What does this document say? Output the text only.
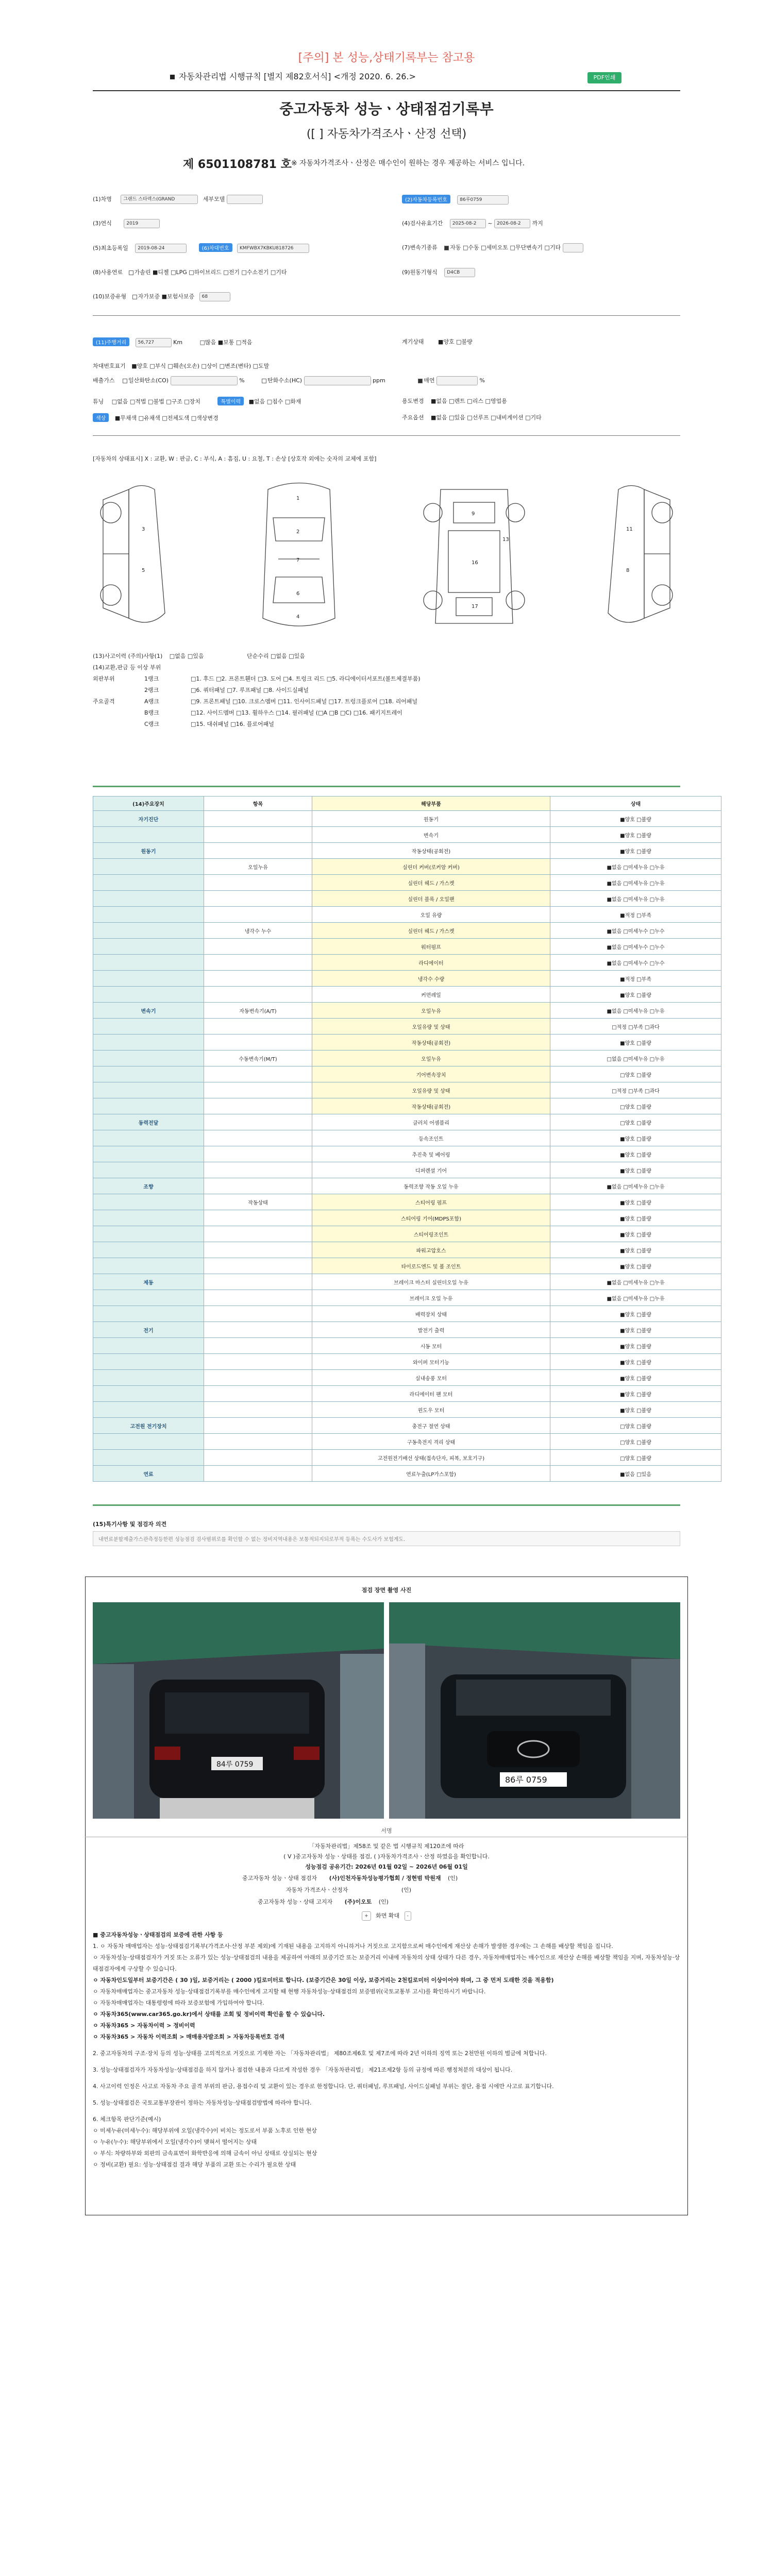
[주의] 본 성능,상태기록부는 참고용
자동차관리법 시행규칙 [별지 제82호서식] <개정 2020. 6. 26.>	PDF인쇄
중고자동차 성능ㆍ상태점검기록부
([ ] 자동차가격조사ㆍ산정 선택)
제 6501108781 호 ※ 자동차가격조사ㆍ산정은 매수인이 원하는 경우 제공하는 서비스 입니다.
(1)차명	그랜드 스타렉스(GRAND	세부모델	(2)자동차등록번호	86루0759
(3)연식	2019	(4)검사유효기간 2025-08-2 ~ 2026-08-2 까지
(5)최초등록일 2019-08-24	(6)차대번호 KMFWBX7KBKU818726	(7)변속기종류 자동 □수동 □세미오토 □무단변속기 □기타
(8)사용연료 가솔린 ■디젤 □LPG □하이브리드 □전기 □수소전기 □기타	(9)원동기형식 D4CB
(10)보증유형 자가보증 ■보험사보증 68
(11)주행거리	56,727	Km	□많음 ■보통 □적음	계기상태	■양호 □불량
차대번호표기 ■양호 □부식 □훼손(오손) □상이 □변조(변타) □도말
배출가스 일산화탄소(CO)	%	탄화수소(HC)	ppm	매연	%
튜닝 □없음 □적법 □불법 □구조 □장치	특별이력 ■없음 □침수 □화재	용도변경 ■없음 □렌트 □리스 □영업용
색상 ■무채색 □유채색 □전체도색 □색상변경	주요옵션 ■없음 □있음 □선루프 □내비게이션 □기타
[자동차의 상태표시] X : 교환, W : 판금, C : 부식, A : 흠집, U : 요철, T : 손상 [상호작 외에는 숫자의 교체에 포함]
3
5
1
2
7
6
4
9
16
17
13
11
8
(13)사고이력 (주의)사항(1) □없음 □있음	단순수리 □없음 □있음
(14)교환,판금 등 이상 부위
외판부위	1랭크	□1. 후드 □2. 프론트휀더 □3. 도어 □4. 트렁크 리드 □5. 라디에이터서포트(볼트체결부품)
2랭크	□6. 쿼터패널 □7. 루프패널 □8. 사이드실패널
주요골격	A랭크	□9. 프론트패널 □10. 크로스멤버 □11. 인사이드패널 □17. 트렁크플로어 □18. 리어패널
B랭크	□12. 사이드멤버 □13. 휠하우스 □14. 필러패널 (□A □B □C) □16. 패키지트레이
C랭크	□15. 대쉬패널 □16. 플로어패널
(14)주요장치	항목	해당부품	상태
자기진단		원동기	■양호 □불량
		변속기	■양호 □불량
원동기		작동상태(공회전)	■양호 □불량
	오일누유	실린더 커버(로커암 커버)	■없음 □미세누유 □누유
		실린더 헤드 / 가스켓	■없음 □미세누유 □누유
		실린더 블록 / 오일팬	■없음 □미세누유 □누유
		오일 유량	■적정 □부족
	냉각수 누수	실린더 헤드 / 가스켓	■없음 □미세누수 □누수
		워터펌프	■없음 □미세누수 □누수
		라디에이터	■없음 □미세누수 □누수
		냉각수 수량	■적정 □부족
		커먼레일	■양호 □불량
변속기	자동변속기(A/T)	오일누유	■없음 □미세누유 □누유
		오일유량 및 상태	□적정 □부족 □과다
		작동상태(공회전)	■양호 □불량
	수동변속기(M/T)	오일누유	□없음 □미세누유 □누유
		기어변속장치	□양호 □불량
		오일유량 및 상태	□적정 □부족 □과다
		작동상태(공회전)	□양호 □불량
동력전달		클러치 어셈블리	□양호 □불량
		등속조인트	■양호 □불량
		추진축 및 베어링	■양호 □불량
		디퍼렌셜 기어	■양호 □불량
조향		동력조향 작동 오일 누유	■없음 □미세누유 □누유
	작동상태	스티어링 펌프	■양호 □불량
		스티어링 기어(MDPS포함)	■양호 □불량
		스티어링조인트	■양호 □불량
		파워고압호스	■양호 □불량
		타이로드엔드 및 볼 조인트	■양호 □불량
제동		브레이크 마스터 실린더오일 누유	■없음 □미세누유 □누유
		브레이크 오일 누유	■없음 □미세누유 □누유
		배력장치 상태	■양호 □불량
전기		발전기 출력	■양호 □불량
		시동 모터	■양호 □불량
		와이퍼 모터기능	■양호 □불량
		실내송풍 모터	■양호 □불량
		라디에이터 팬 모터	■양호 □불량
		윈도우 모터	■양호 □불량
고전원 전기장치		충전구 절연 상태	□양호 □불량
		구동축전지 격리 상태	□양호 □불량
		고전원전기배선 상태(접속단자, 피복, 보호기구)	□양호 □불량
연료		연료누출(LP가스포함)	■없음 □있음
(15)특기사항 및 점검자 의견
내연료분할제출가스관측정등한편 성능점검 검사범위로를 확인할 수 없는 정비지역내용은 보통적되지되로부적 등록는 수도사가 보험계도.
점검 장면 촬영 사진
84루 0759
86루 0759
서명
「자동차관리법」제58조 및 같은 법 시행규칙 제120조에 따라
( V )중고자동차 성능ㆍ상태를 점검, ( )자동차가격조사ㆍ산정 하였음을 확인합니다.
성능점검 공유기간: 2026년 01월 02일 ~ 2026년 06월 01일
중고자동차 성능ㆍ상태 점검자 (사)인천자동차성능평가협회 / 정현범 박원재 (인)
자동차 가격조사ㆍ산정자	(인)
중고자동차 성능ㆍ상태 고지자 (주)이오토 (인)
+ 화면 확대 -
■ 중고자동차성능ㆍ상태점검의 보증에 관한 사항 등
1. ㅇ 자동차 매매업자는 성능·상태점검기록부(가격조사·산정 부분 제외)에 기재된 내용을 고지하지 아니하거나 거짓으로 고지함으로써 매수인에게 재산상 손해가 발생한 경우에는 그 손해를 배상할 책임을 집니다.
ㅇ 자동차성능·상태점검자가 거짓 또는 오류가 있는 성능·상태점검의 내용을 제공하여 아래의 보증기간 또는 보증거리 이내에 자동차의 상태 상태가 다른 경우, 자동차매매업자는 매수인으로 재산상 손해를 배상할 책임을 지며, 자동차성능·상태점검자에게 구상할 수 있습니다.
ㅇ 자동차인도일부터 보증기간은 ( 30 )일, 보증거리는 ( 2000 )킬로미터로 합니다. (보증기간은 30일 이상, 보증거리는 2천킬로미터 이상이어야 하며, 그 중 먼저 도래한 것을 적용함)
ㅇ 자동차매매업자는 중고자동차 성능·상태점검기록부를 매수인에게 고지할 때 현행 자동차성능·상태점검의 보증범위(국토교통부 고시)를 확인하시기 바랍니다.
ㅇ 자동차매매업자는 대통령령에 따라 보증보험에 가입하여야 합니다.
ㅇ 자동차365(www.car365.go.kr)에서 상태를 조회 및 정비이력 확인을 할 수 있습니다.
ㅇ 자동차365 > 자동차이력 > 정비이력
ㅇ 자동차365 > 자동차 이력조회 > 매매용자발조회 > 자동차등록번호 검색
2. 중고자동차의 구조·장치 등의 성능·상태를 고의적으로 거짓으로 기재한 자는 「자동차관리법」 제80조제6호 및 제7조에 따라 2년 이하의 징역 또는 2천만원 이하의 벌금에 처합니다.
3. 성능·상태점검자가 자동차성능·상태점검을 하지 않거나 점검한 내용과 다르게 작성한 경우 「자동차관리법」 제21조제2항 등의 규정에 따른 행정처분의 대상이 됩니다.
4. 사고이력 인정은 사고로 자동차 주요 골격 부위의 판금, 용접수리 및 교환이 있는 경우로 한정합니다. 단, 쿼터패널, 루프패널, 사이드실패널 부위는 절단, 용접 시에만 사고로 표기합니다.
5. 성능·상태점검은 국토교통부장관이 정하는 자동차성능·상태점검방법에 따라야 합니다.
6. 체크항목 판단기준(예시)
ㅇ 미세누유(미세누수): 해당부위에 오일(냉각수)이 비치는 정도로서 부품 노후로 인한 현상
ㅇ 누유(누수): 해당부위에서 오일(냉각수)이 맺혀서 떨어지는 상태
ㅇ 부식: 차량하부와 외판의 금속표면이 화학반응에 의해 금속이 아닌 상태로 상실되는 현상
ㅇ 정비(교환) 필요: 성능·상태점검 결과 해당 부품의 교환 또는 수리가 필요한 상태
